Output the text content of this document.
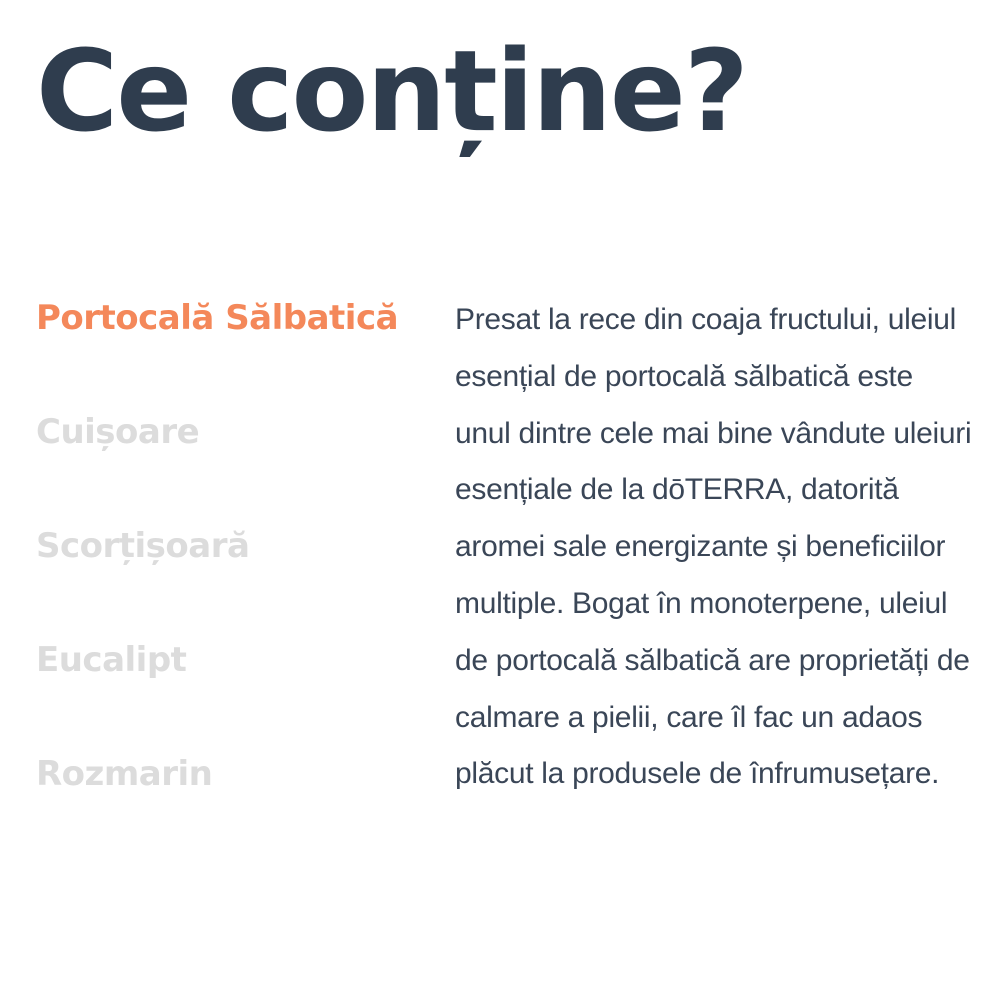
Ce conține?
Portocală Sălbatică
Cuișoare
Scorțișoară
Eucalipt
Rozmarin

Presat la rece din coaja fructului, uleiul esențial de portocală sălbatică este unul dintre cele mai bine vândute uleiuri esențiale de la dōTERRA, datorită aromei sale energizante și beneficiilor multiple. Bogat în monoterpene, uleiul de portocală sălbatică are proprietăți de calmare a pielii, care îl fac un adaos plăcut la produsele de înfrumusețare.
